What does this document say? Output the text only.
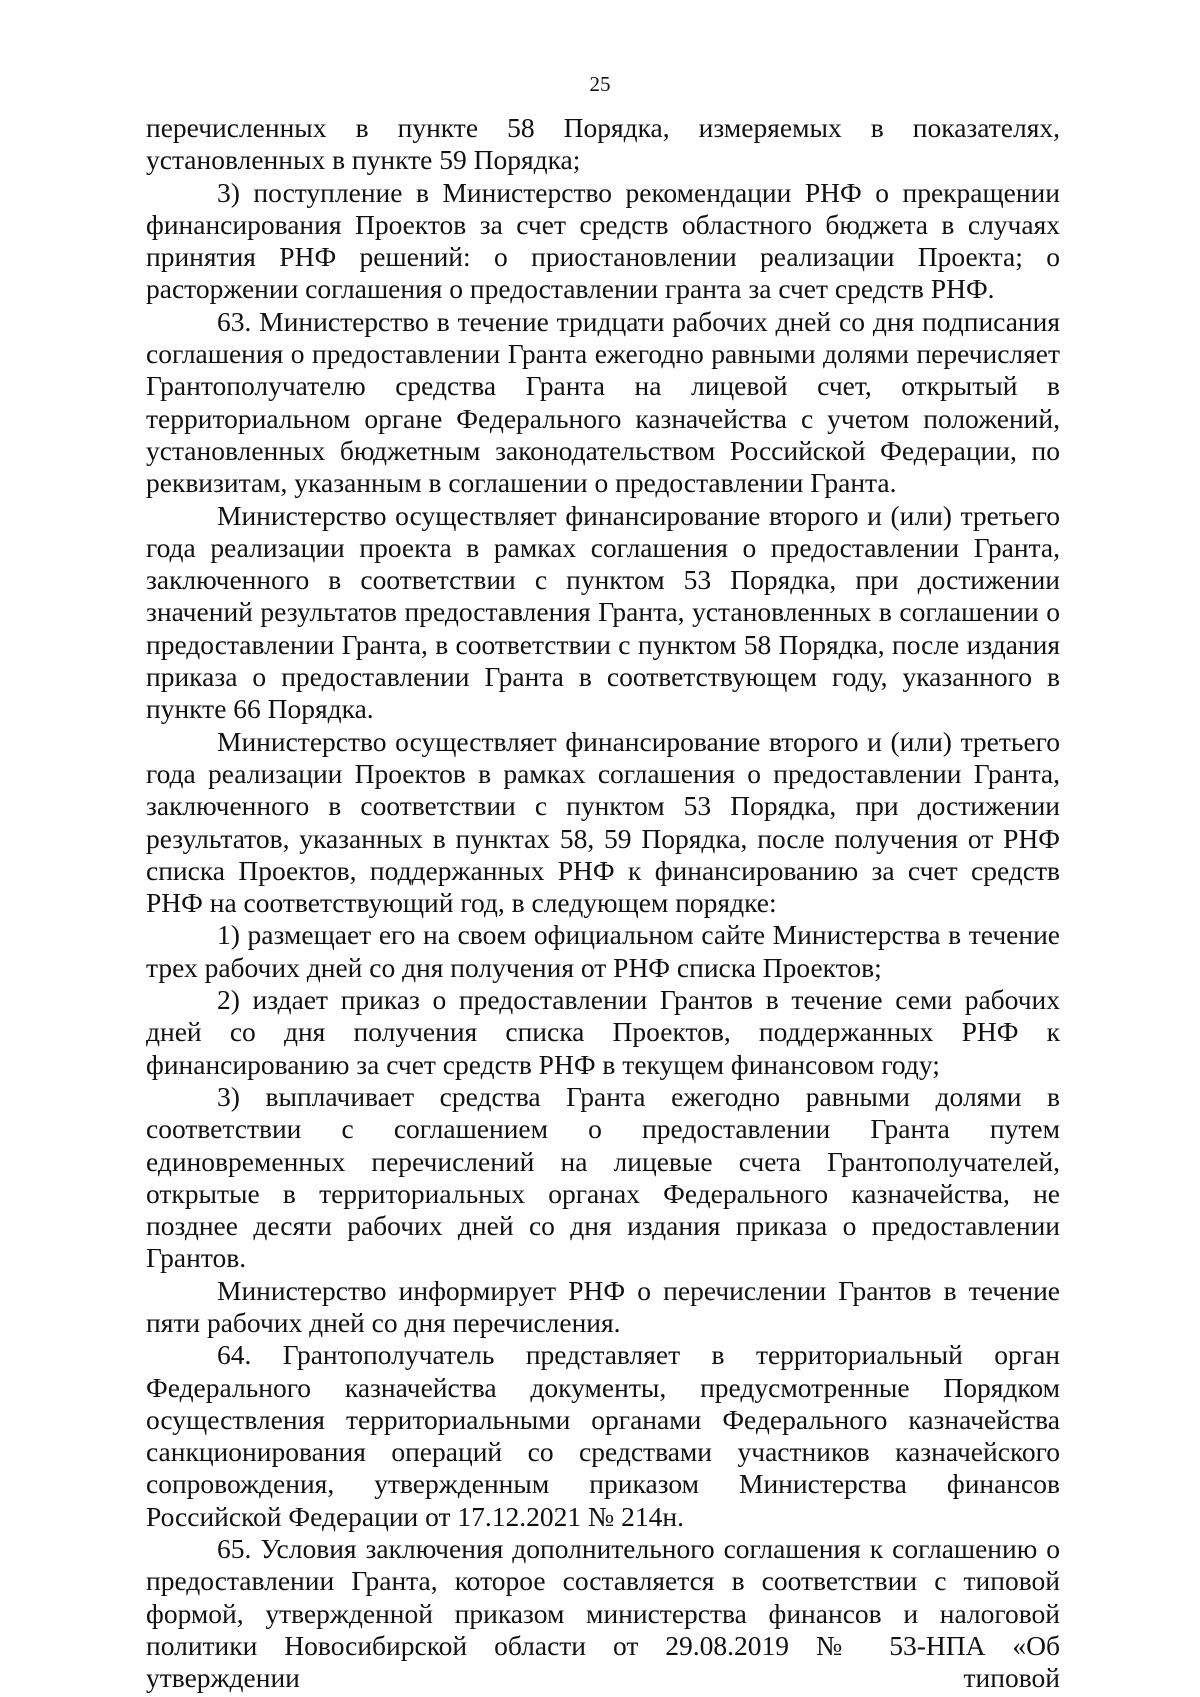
25

перечисленных в пункте 58 Порядка, измеряемых в показателях, установленных в пункте 59 Порядка;

3) поступление в Министерство рекомендации РНФ о прекращении финансирования Проектов за счет средств областного бюджета в случаях принятия РНФ решений: о приостановлении реализации Проекта; о расторжении соглашения о предоставлении гранта за счет средств РНФ.

63. Министерство в течение тридцати рабочих дней со дня подписания соглашения о предоставлении Гранта ежегодно равными долями перечисляет Грантополучателю средства Гранта на лицевой счет, открытый в территориальном органе Федерального казначейства с учетом положений, установленных бюджетным законодательством Российской Федерации, по реквизитам, указанным в соглашении о предоставлении Гранта.

Министерство осуществляет финансирование второго и (или) третьего года реализации проекта в рамках соглашения о предоставлении Гранта, заключенного в соответствии с пунктом 53 Порядка, при достижении значений результатов предоставления Гранта, установленных в соглашении о предоставлении Гранта, в соответствии с пунктом 58 Порядка, после издания приказа о предоставлении Гранта в соответствующем году, указанного в пункте 66 Порядка.

Министерство осуществляет финансирование второго и (или) третьего года реализации Проектов в рамках соглашения о предоставлении Гранта, заключенного в соответствии с пунктом 53 Порядка, при достижении результатов, указанных в пунктах 58, 59 Порядка, после получения от РНФ списка Проектов, поддержанных РНФ к финансированию за счет средств РНФ на соответствующий год, в следующем порядке:

1) размещает его на своем официальном сайте Министерства в течение трех рабочих дней со дня получения от РНФ списка Проектов;

2) издает приказ о предоставлении Грантов в течение семи рабочих дней со дня получения списка Проектов, поддержанных РНФ к финансированию за счет средств РНФ в текущем финансовом году;

3) выплачивает средства Гранта ежегодно равными долями в соответствии с соглашением о предоставлении Гранта путем единовременных перечислений на лицевые счета Грантополучателей, открытые в территориальных органах Федерального казначейства, не позднее десяти рабочих дней со дня издания приказа о предоставлении Грантов.

Министерство информирует РНФ о перечислении Грантов в течение пяти рабочих дней со дня перечисления.

64. Грантополучатель представляет в территориальный орган Федерального казначейства документы, предусмотренные Порядком осуществления территориальными органами Федерального казначейства санкционирования операций со средствами участников казначейского сопровождения, утвержденным приказом Министерства финансов Российской Федерации от 17.12.2021 № 214н.

65. Условия заключения дополнительного соглашения к соглашению о предоставлении Гранта, которое составляется в соответствии с типовой формой, утвержденной приказом министерства финансов и налоговой политики Новосибирской области от 29.08.2019 № 53-НПА «Об утверждении типовой
